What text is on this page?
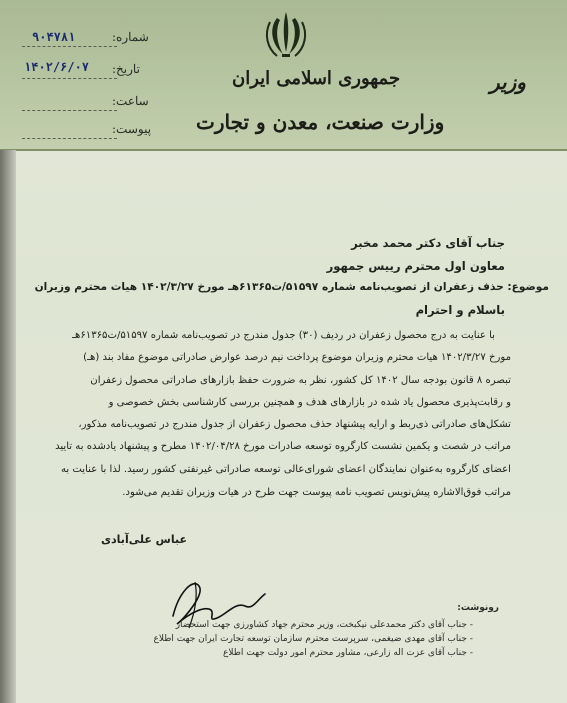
وزیر
جمهوری اسلامی ایران
وزارت صنعت، معدن و تجارت
شماره:
۹۰۴۷۸۱
تاریخ:
۱۴۰۲/۶/۰۷
ساعت:
پیوست:
جناب آقای دکتر محمد مخبر
معاون اول محترم رییس جمهور
موضوع: حذف زعفران از تصویب‌نامه شماره ۵۱۵۹۷/ت۶۱۳۶۵هـ مورخ ۱۴۰۲/۳/۲۷ هیات محترم وزیران
باسلام و احترام
با عنایت به درج محصول زعفران در ردیف (۳۰) جدول مندرج در تصویب‌نامه شماره ۵۱۵۹۷/ت۶۱۳۶۵هـ
مورخ ۱۴۰۲/۳/۲۷ هیات محترم وزیران موضوع پرداخت نیم درصد عوارض صادراتی موضوع مفاد بند (هـ)
تبصره ۸ قانون بودجه سال ۱۴۰۲ کل کشور، نظر به ضرورت حفظ بازارهای صادراتی محصول زعفران
و رقابت‌پذیری محصول یاد شده در بازارهای هدف و همچنین بررسی کارشناسی بخش خصوصی و
تشکل‌های صادراتی ذی‌ربط و ارایه پیشنهاد حذف محصول زعفران از جدول مندرج در تصویب‌نامه مذکور،
مراتب در شصت و یکمین نشست کارگروه توسعه صادرات مورخ ۱۴۰۲/۰۴/۲۸ مطرح و پیشنهاد یادشده به تایید
اعضای کارگروه به‌عنوان نمایندگان اعضای شورای‌عالی توسعه صادراتی غیرنفتی کشور رسید. لذا با عنایت به
مراتب فوق‌الاشاره پیش‌نویس تصویب نامه پیوست جهت طرح در هیات وزیران تقدیم می‌شود.
عباس علی‌آبادی
رونوشت:
- جناب آقای دکتر محمدعلی نیکبخت، وزیر محترم جهاد کشاورزی جهت استحضار
- جناب آقای مهدی ضیغمی، سرپرست محترم سازمان توسعه تجارت ایران جهت اطلاع
- جناب آقای عزت اله زارعی، مشاور محترم امور دولت جهت اطلاع
